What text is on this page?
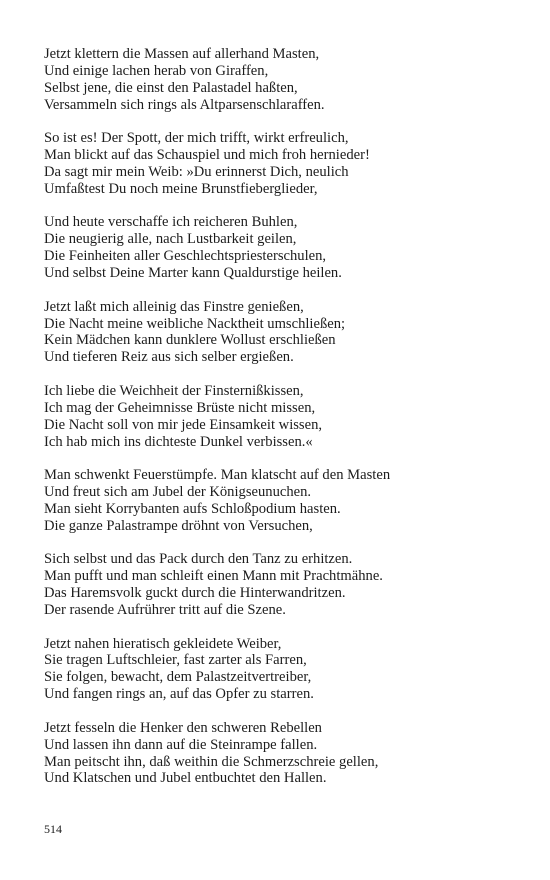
Jetzt klettern die Massen auf allerhand Masten,
Und einige lachen herab von Giraffen,
Selbst jene, die einst den Palastadel haßten,
Versammeln sich rings als Altparsenschlaraffen.
So ist es! Der Spott, der mich trifft, wirkt erfreulich,
Man blickt auf das Schauspiel und mich froh hernieder!
Da sagt mir mein Weib: »Du erinnerst Dich, neulich
Umfaßtest Du noch meine Brunstfieberglieder,
Und heute verschaffe ich reicheren Buhlen,
Die neugierig alle, nach Lustbarkeit geilen,
Die Feinheiten aller Geschlechtspriesterschulen,
Und selbst Deine Marter kann Qualdurstige heilen.
Jetzt laßt mich alleinig das Finstre genießen,
Die Nacht meine weibliche Nacktheit umschließen;
Kein Mädchen kann dunklere Wollust erschließen
Und tieferen Reiz aus sich selber ergießen.
Ich liebe die Weichheit der Finsternißkissen,
Ich mag der Geheimnisse Brüste nicht missen,
Die Nacht soll von mir jede Einsamkeit wissen,
Ich hab mich ins dichteste Dunkel verbissen.«
Man schwenkt Feuerstümpfe. Man klatscht auf den Masten
Und freut sich am Jubel der Königseunuchen.
Man sieht Korrybanten aufs Schloßpodium hasten.
Die ganze Palastrampe dröhnt von Versuchen,
Sich selbst und das Pack durch den Tanz zu erhitzen.
Man pufft und man schleift einen Mann mit Prachtmähne.
Das Haremsvolk guckt durch die Hinterwandritzen.
Der rasende Aufrührer tritt auf die Szene.
Jetzt nahen hieratisch gekleidete Weiber,
Sie tragen Luftschleier, fast zarter als Farren,
Sie folgen, bewacht, dem Palastzeitvertreiber,
Und fangen rings an, auf das Opfer zu starren.
Jetzt fesseln die Henker den schweren Rebellen
Und lassen ihn dann auf die Steinrampe fallen.
Man peitscht ihn, daß weithin die Schmerzschreie gellen,
Und Klatschen und Jubel entbuchtet den Hallen.
514
